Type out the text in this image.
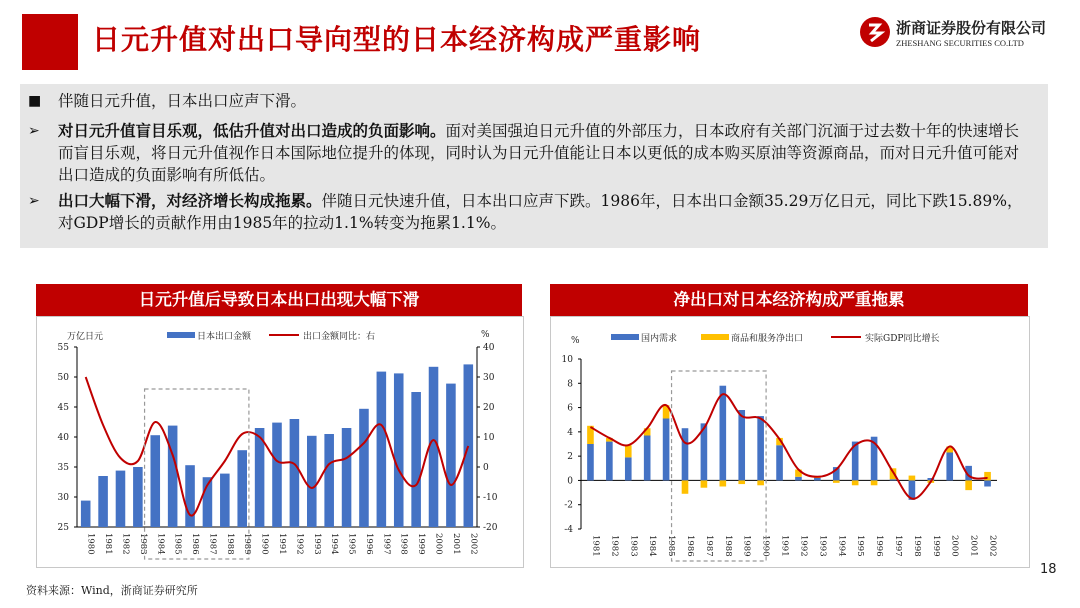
日元升值对出口导向型的日本经济构成严重影响	浙商证券股份有限公司
ZHESHANG SECURITIES CO.LTD
■ 伴随日元升值，日本出口应声下滑。
➢ 对日元升值盲目乐观，低估升值对出口造成的负面影响。面对美国强迫日元升值的外部压力，日本政府有关部门沉湎于过去数十年的快速增长而盲目乐观，将日元升值视作日本国际地位提升的体现，同时认为日元升值能让日本以更低的成本购买原油等资源商品，而对日元升值可能对出口造成的负面影响有所低估。
➢ 出口大幅下滑，对经济增长构成拖累。伴随日元快速升值，日本出口应声下跌。1986年，日本出口金额35.29万亿日元，同比下跌15.89%，对GDP增长的贡献作用由1985年的拉动1.1%转变为拖累1.1%。
日元升值后导致日本出口出现大幅下滑
25
30
35
40
45
50
55
-20
-10
0
10
20
30
40
万亿日元	%
日本出口金额	出口金额同比：右
1980 1981 1982 1983 1984 1985 1986 1987 1988 1989 1990 1991 1992 1993 1994 1995 1996 1997 1998 1999 2000 2001 2002
净出口对日本经济构成严重拖累
-4
-2
0
2
4
6
8
10
%	国内需求	商品和服务净出口	实际GDP同比增长
1981 1982 1983 1984 1985 1986 1987 1988 1989 1990 1991 1992 1993 1994 1995 1996 1997 1998 1999 2000 2001 2002
资料来源：Wind，浙商证券研究所
18
